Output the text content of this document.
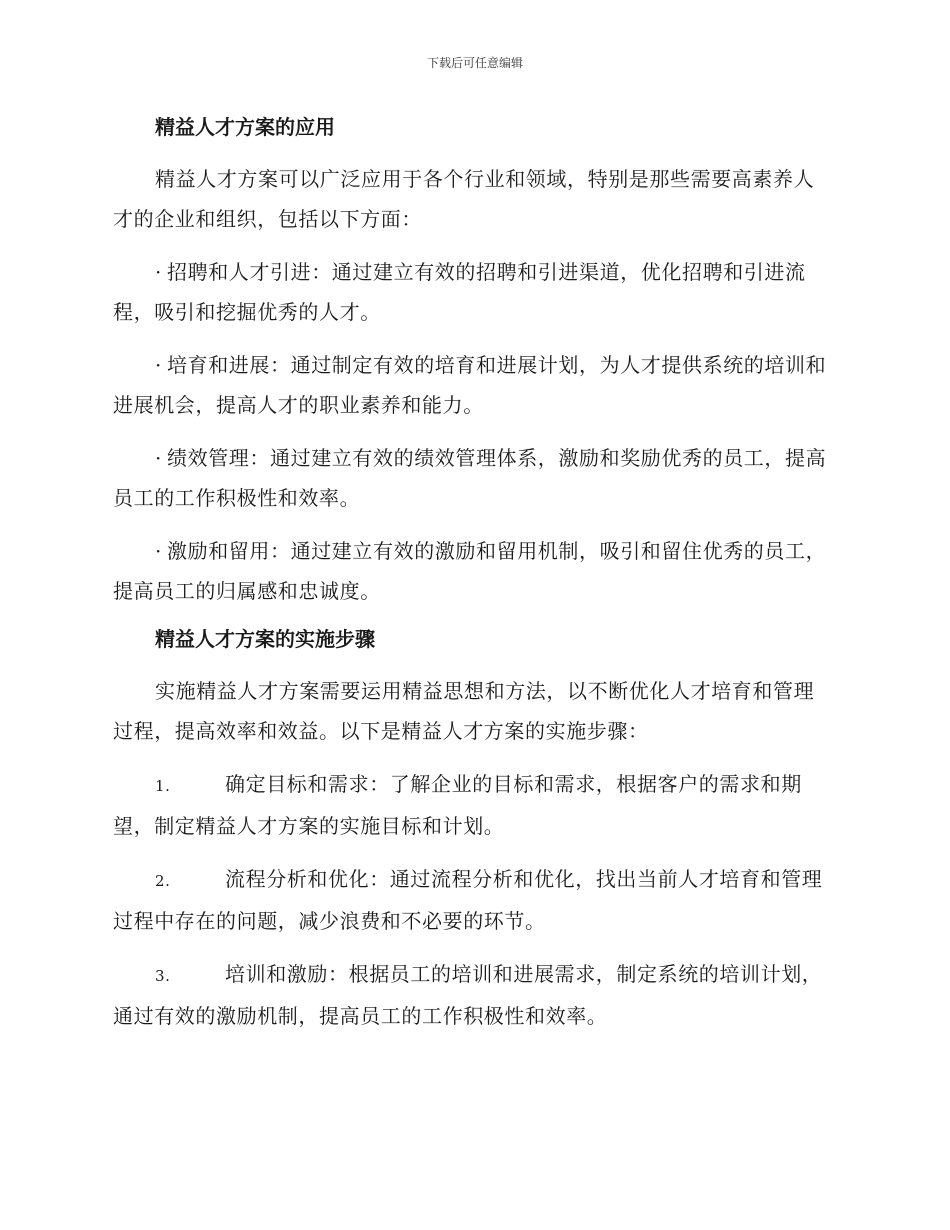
下载后可任意编辑
精益人才方案的应用
精益人才方案可以广泛应用于各个行业和领域，特别是那些需要高素养人才的企业和组织，包括以下方面：
· 招聘和人才引进：通过建立有效的招聘和引进渠道，优化招聘和引进流程，吸引和挖掘优秀的人才。
· 培育和进展：通过制定有效的培育和进展计划，为人才提供系统的培训和进展机会，提高人才的职业素养和能力。
· 绩效管理：通过建立有效的绩效管理体系，激励和奖励优秀的员工，提高员工的工作积极性和效率。
· 激励和留用：通过建立有效的激励和留用机制，吸引和留住优秀的员工，提高员工的归属感和忠诚度。
精益人才方案的实施步骤
实施精益人才方案需要运用精益思想和方法，以不断优化人才培育和管理过程，提高效率和效益。以下是精益人才方案的实施步骤：
1.	确定目标和需求：了解企业的目标和需求，根据客户的需求和期望，制定精益人才方案的实施目标和计划。
2.	流程分析和优化：通过流程分析和优化，找出当前人才培育和管理过程中存在的问题，减少浪费和不必要的环节。
3.	培训和激励：根据员工的培训和进展需求，制定系统的培训计划，通过有效的激励机制，提高员工的工作积极性和效率。
